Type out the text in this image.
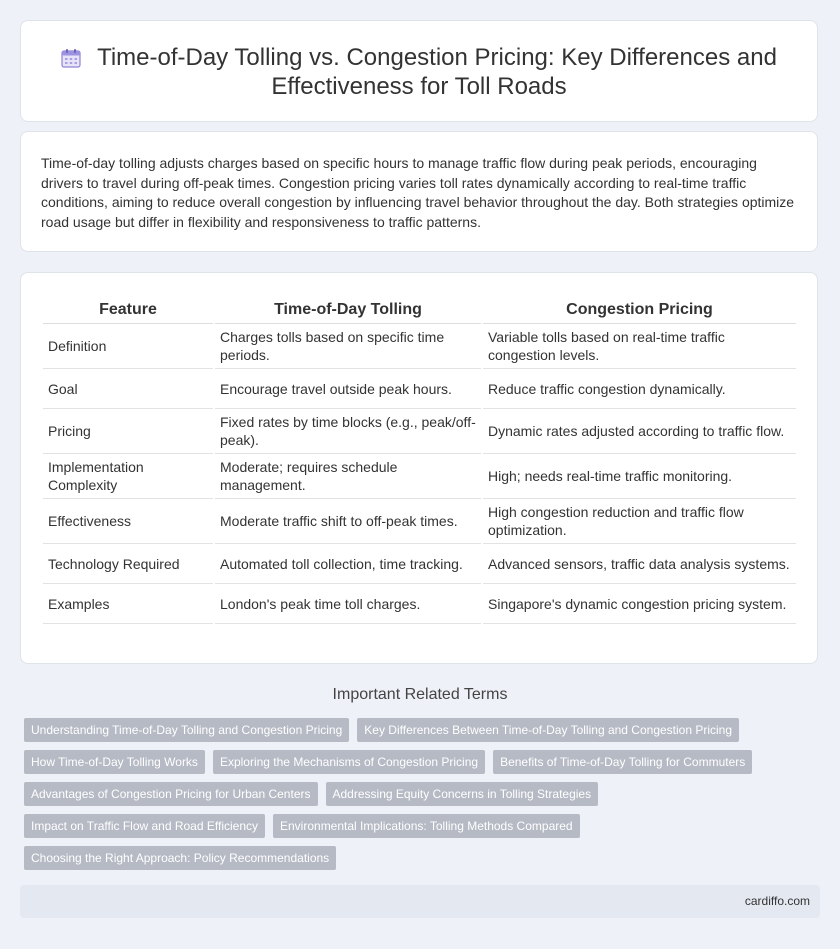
Time-of-Day Tolling vs. Congestion Pricing: Key Differences and Effectiveness for Toll Roads

Time-of-day tolling adjusts charges based on specific hours to manage traffic flow during peak periods, encouraging drivers to travel during off-peak times. Congestion pricing varies toll rates dynamically according to real-time traffic conditions, aiming to reduce overall congestion by influencing travel behavior throughout the day. Both strategies optimize road usage but differ in flexibility and responsiveness to traffic patterns.

Feature	Time-of-Day Tolling	Congestion Pricing
Definition	Charges tolls based on specific time periods.	Variable tolls based on real-time traffic congestion levels.
Goal	Encourage travel outside peak hours.	Reduce traffic congestion dynamically.
Pricing	Fixed rates by time blocks (e.g., peak/off-peak).	Dynamic rates adjusted according to traffic flow.
Implementation Complexity	Moderate; requires schedule management.	High; needs real-time traffic monitoring.
Effectiveness	Moderate traffic shift to off-peak times.	High congestion reduction and traffic flow optimization.
Technology Required	Automated toll collection, time tracking.	Advanced sensors, traffic data analysis systems.
Examples	London's peak time toll charges.	Singapore's dynamic congestion pricing system.
Important Related Terms
Understanding Time-of-Day Tolling and Congestion Pricing	Key Differences Between Time-of-Day Tolling and Congestion Pricing
How Time-of-Day Tolling Works	Exploring the Mechanisms of Congestion Pricing	Benefits of Time-of-Day Tolling for Commuters
Advantages of Congestion Pricing for Urban Centers	Addressing Equity Concerns in Tolling Strategies
Impact on Traffic Flow and Road Efficiency	Environmental Implications: Tolling Methods Compared
Choosing the Right Approach: Policy Recommendations
cardiffo.com
